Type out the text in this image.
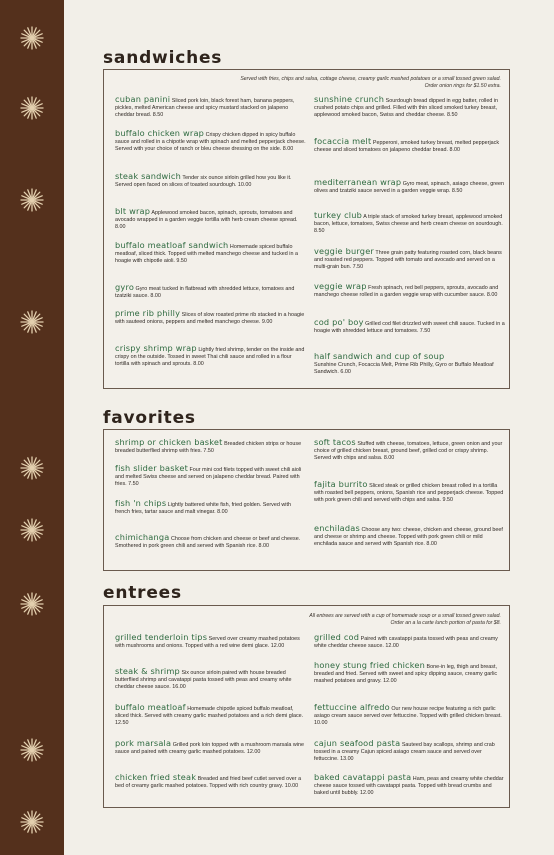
sandwiches
Served with fries, chips and salsa, cottage cheese, creamy garlic mashed potatoes or a small tossed green salad.
Order onion rings for $1.50 extra.
cuban panini Sliced pork loin, black forest ham, banana peppers, pickles, melted American cheese and spicy mustard stacked on jalapeno cheddar bread. 8.50
buffalo chicken wrap Crispy chicken dipped in spicy buffalo sauce and rolled in a chipotle wrap with spinach and melted pepperjack cheese. Served with your choice of ranch or bleu cheese dressing on the side. 8.00
steak sandwich Tender six ounce sirloin grilled how you like it. Served open faced on slices of toasted sourdough. 10.00
blt wrap Applewood smoked bacon, spinach, sprouts, tomatoes and avocado wrapped in a garden veggie tortilla with herb cream cheese spread. 8.00
buffalo meatloaf sandwich Homemade spiced buffalo meatloaf, sliced thick. Topped with melted manchego cheese and tucked in a hoagie with chipotle aioli. 9.50
gyro Gyro meat tucked in flatbread with shredded lettuce, tomatoes and tzatziki sauce. 8.00
prime rib philly Slices of slow roasted prime rib stacked in a hoagie with sauteed onions, peppers and melted manchego cheese. 9.00
crispy shrimp wrap Lightly fried shrimp, tender on the inside and crispy on the outside. Tossed in sweet Thai chili sauce and rolled in a flour tortilla with spinach and sprouts. 8.00
sunshine crunch Sourdough bread dipped in egg batter, rolled in crushed potato chips and grilled. Filled with thin sliced smoked turkey breast, applewood smoked bacon, Swiss and cheddar cheese. 8.50
focaccia melt Pepperoni, smoked turkey breast, melted pepperjack cheese and sliced tomatoes on jalapeno cheddar bread. 8.00
mediterranean wrap Gyro meat, spinach, asiago cheese, green olives and tzatziki sauce served in a garden veggie wrap. 8.50
turkey club A triple stack of smoked turkey breast, applewood smoked bacon, lettuce, tomatoes, Swiss cheese and herb cream cheese on sourdough. 8.50
veggie burger Three grain patty featuring roasted corn, black beans and roasted red peppers. Topped with tomato and avocado and served on a multi-grain bun. 7.50
veggie wrap Fresh spinach, red bell peppers, sprouts, avocado and manchego cheese rolled in a garden veggie wrap with cucumber sauce. 8.00
cod po' boy Grilled cod filet drizzled with sweet chili sauce. Tucked in a hoagie with shredded lettuce and tomatoes. 7.50
half sandwich and cup of soup
Sunshine Crunch, Focaccia Melt, Prime Rib Philly, Gyro or Buffalo Meatloaf Sandwich. 6.00
favorites
shrimp or chicken basket Breaded chicken strips or house breaded butterflied shrimp with fries. 7.50
fish slider basket Four mini cod filets topped with sweet chili aioli and melted Swiss cheese and served on jalapeno cheddar bread. Paired with fries. 7.50
fish 'n chips Lightly battered white fish, fried golden. Served with french fries, tartar sauce and malt vinegar. 8.00
chimichanga Choose from chicken and cheese or beef and cheese. Smothered in pork green chili and served with Spanish rice. 8.00
soft tacos Stuffed with cheese, tomatoes, lettuce, green onion and your choice of grilled chicken breast, ground beef, grilled cod or crispy shrimp. Served with chips and salsa. 8.00
fajita burrito Sliced steak or grilled chicken breast rolled in a tortilla with roasted bell peppers, onions, Spanish rice and pepperjack cheese. Topped with pork green chili and served with chips and salsa. 9.50
enchiladas Choose any two: cheese, chicken and cheese, ground beef and cheese or shrimp and cheese. Topped with pork green chili or mild enchilada sauce and served with Spanish rice. 8.00
entrees
All entrees are served with a cup of homemade soup or a small tossed green salad.
Order an a la carte lunch portion of pasta for $8.
grilled tenderloin tips Served over creamy mashed potatoes with mushrooms and onions. Topped with a red wine demi glace. 12.00
steak & shrimp Six ounce sirloin paired with house breaded butterflied shrimp and cavatappi pasta tossed with peas and creamy white cheddar cheese sauce. 16.00
buffalo meatloaf Homemade chipotle spiced buffalo meatloaf, sliced thick. Served with creamy garlic mashed potatoes and a rich demi glace. 12.50
pork marsala Grilled pork loin topped with a mushroom marsala wine sauce and paired with creamy garlic mashed potatoes. 12.00
chicken fried steak Breaded and fried beef cutlet served over a bed of creamy garlic mashed potatoes. Topped with rich country gravy. 10.00
grilled cod Paired with cavatappi pasta tossed with peas and creamy white cheddar cheese sauce. 12.00
honey stung fried chicken Bone-in leg, thigh and breast, breaded and fried. Served with sweet and spicy dipping sauce, creamy garlic mashed potatoes and gravy. 12.00
fettuccine alfredo Our new house recipe featuring a rich garlic asiago cream sauce served over fettuccine. Topped with grilled chicken breast. 10.00
cajun seafood pasta Sauteed bay scallops, shrimp and crab tossed in a creamy Cajun spiced asiago cream sauce and served over fettuccine. 13.00
baked cavatappi pasta Ham, peas and creamy white cheddar cheese sauce tossed with cavatappi pasta. Topped with bread crumbs and baked until bubbly. 12.00
